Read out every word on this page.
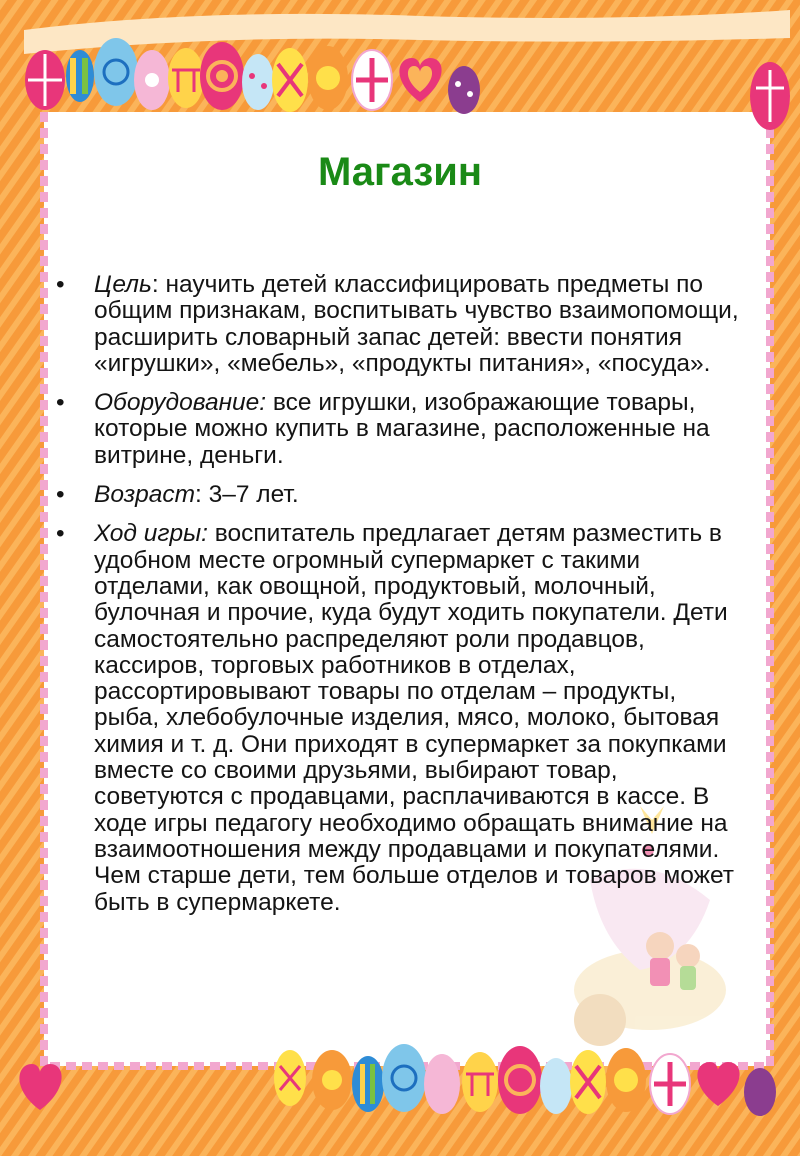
Магазин
• Цель: научить детей классифицировать предметы по общим признакам, воспитывать чувство взаимопомощи, расширить словарный запас детей: ввести понятия «игрушки», «мебель», «продукты питания», «посуда».
• Оборудование: все игрушки, изображающие товары, которые можно купить в магазине, расположенные на витрине, деньги.
• Возраст: 3–7 лет.
• Ход игры: воспитатель предлагает детям разместить в удобном месте огромный супермаркет с такими отделами, как овощной, продуктовый, молочный, булочная и прочие, куда будут ходить покупатели. Дети самостоятельно распределяют роли продавцов, кассиров, торговых работников в отделах, рассортировывают товары по отделам – продукты, рыба, хлебобулочные изделия, мясо, молоко, бытовая химия и т. д. Они приходят в супермаркет за покупками вместе со своими друзьями, выбирают товар, советуются с продавцами, расплачиваются в кассе. В ходе игры педагогу необходимо обращать внимание на взаимоотношения между продавцами и покупателями. Чем старше дети, тем больше отделов и товаров может быть в супермаркете.
